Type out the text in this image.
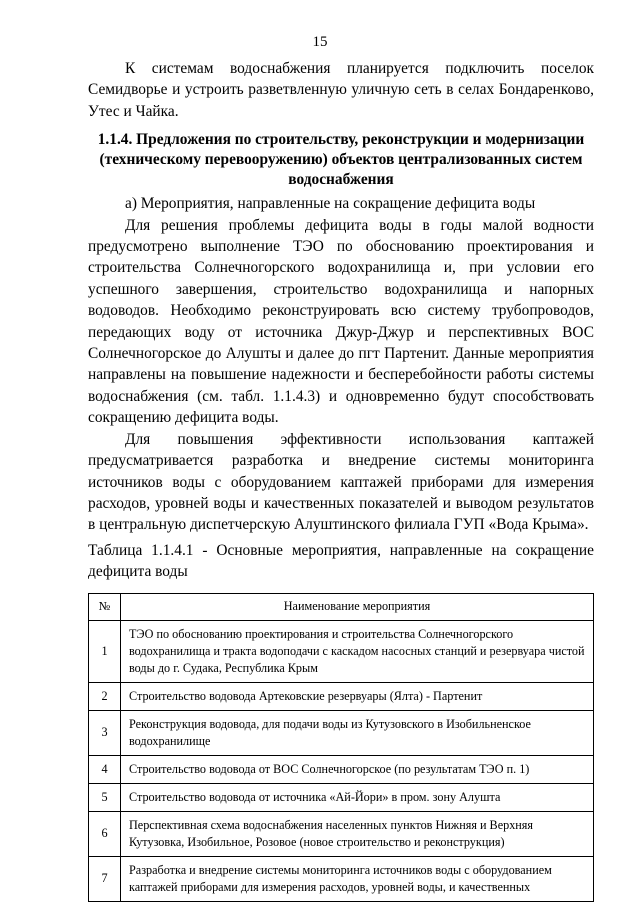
15

К системам водоснабжения планируется подключить поселок Семидворье и устроить разветвленную уличную сеть в селах Бондаренково, Утес и Чайка.

1.1.4. Предложения по строительству, реконструкции и модернизации (техническому перевооружению) объектов централизованных систем водоснабжения

а) Мероприятия, направленные на сокращение дефицита воды

Для решения проблемы дефицита воды в годы малой водности предусмотрено выполнение ТЭО по обоснованию проектирования и строительства Солнечногорского водохранилища и, при условии его успешного завершения, строительство водохранилища и напорных водоводов. Необходимо реконструировать всю систему трубопроводов, передающих воду от источника Джур-Джур и перспективных ВОС Солнечногорское до Алушты и далее до пгт Партенит. Данные мероприятия направлены на повышение надежности и бесперебойности работы системы водоснабжения (см. табл. 1.1.4.3) и одновременно будут способствовать сокращению дефицита воды.

Для повышения эффективности использования каптажей предусматривается разработка и внедрение системы мониторинга источников воды с оборудованием каптажей приборами для измерения расходов, уровней воды и качественных показателей и выводом результатов в центральную диспетчерскую Алуштинского филиала ГУП «Вода Крыма».

Таблица 1.1.4.1 - Основные мероприятия, направленные на сокращение дефицита воды

№	Наименование мероприятия
1	ТЭО по обоснованию проектирования и строительства Солнечногорского водохранилища и тракта водоподачи с каскадом насосных станций и резервуара чистой воды до г. Судака, Республика Крым
2	Строительство водовода Артековские резервуары (Ялта) - Партенит
3	Реконструкция водовода, для подачи воды из Кутузовского в Изобильненское водохранилище
4	Строительство водовода от ВОС Солнечногорское (по результатам ТЭО п. 1)
5	Строительство водовода от источника «Ай-Йори» в пром. зону Алушта
6	Перспективная схема водоснабжения населенных пунктов Нижняя и Верхняя Кутузовка, Изобильное, Розовое (новое строительство и реконструкция)
7	Разработка и внедрение системы мониторинга источников воды с оборудованием каптажей приборами для измерения расходов, уровней воды, и качественных
